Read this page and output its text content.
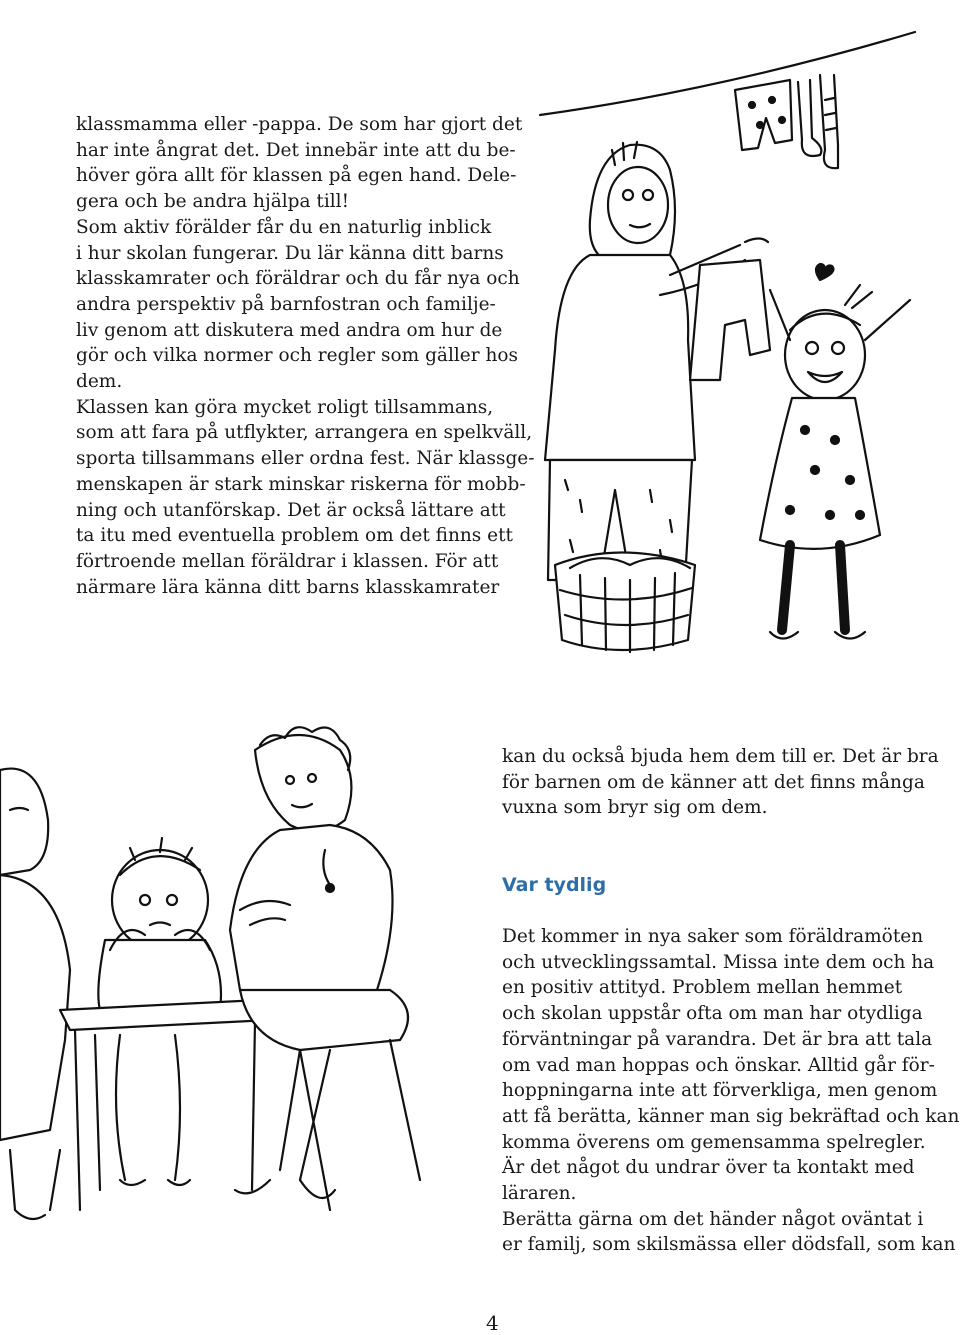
klassmamma eller -pappa. De som har gjort det

har inte ångrat det. Det innebär inte att du be-

höver göra allt för klassen på egen hand. Dele-

gera och be andra hjälpa till!

Som aktiv förälder får du en naturlig inblick

i hur skolan fungerar. Du lär känna ditt barns

klasskamrater och föräldrar och du får nya och

andra perspektiv på barnfostran och familje-

liv genom att diskutera med andra om hur de

gör och vilka normer och regler som gäller hos

dem.

Klassen kan göra mycket roligt tillsammans,

som att fara på utflykter, arrangera en spelkväll,

sporta tillsammans eller ordna fest. När klassge-

menskapen är stark minskar riskerna för mobb-

ning och utanförskap. Det är också lättare att

ta itu med eventuella problem om det finns ett

förtroende mellan föräldrar i klassen. För att

närmare lära känna ditt barns klasskamrater

kan du också bjuda hem dem till er. Det är bra

för barnen om de känner att det finns många

vuxna som bryr sig om dem.

Var tydlig

Det kommer in nya saker som föräldramöten

och utvecklingssamtal. Missa inte dem och ha

en positiv attityd. Problem mellan hemmet

och skolan uppstår ofta om man har otydliga

förväntningar på varandra. Det är bra att tala

om vad man hoppas och önskar. Alltid går för-

hoppningarna inte att förverkliga, men genom

att få berätta, känner man sig bekräftad och kan

komma överens om gemensamma spelregler.

Är det något du undrar över ta kontakt med

läraren.

Berätta gärna om det händer något oväntat i

er familj, som skilsmässa eller dödsfall, som kan

4
